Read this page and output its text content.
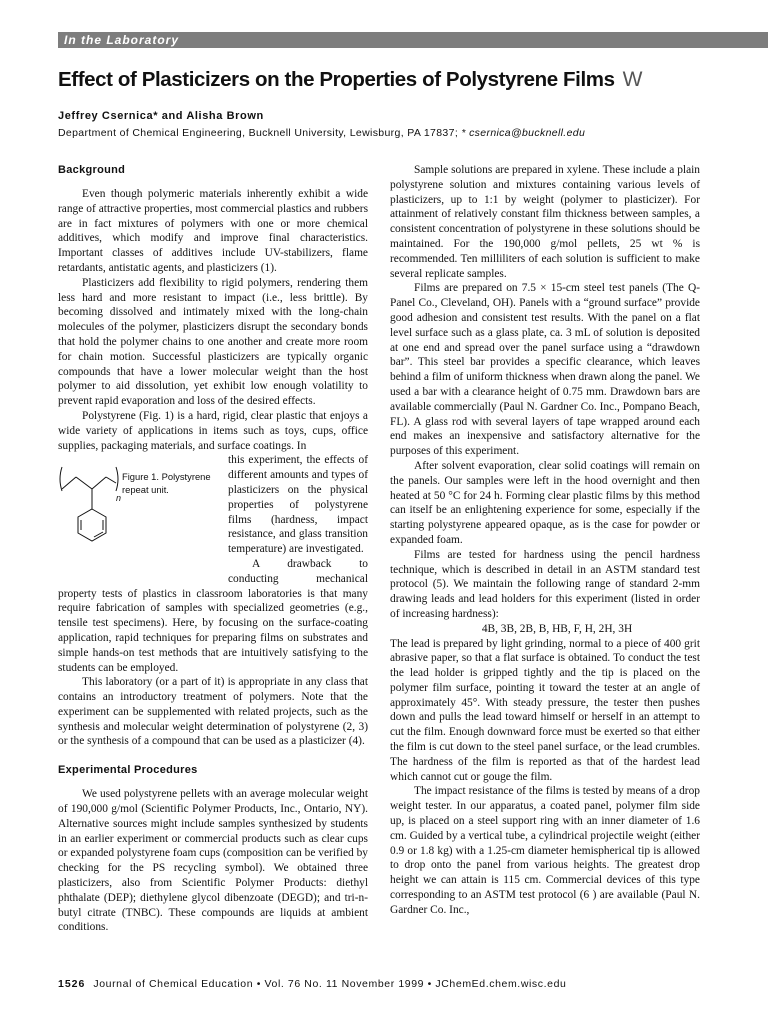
In the Laboratory
Effect of Plasticizers on the Properties of Polystyrene Films W
Jeffrey Csernica* and Alisha Brown
Department of Chemical Engineering, Bucknell University, Lewisburg, PA 17837; * csernica@bucknell.edu
Background

Even though polymeric materials inherently exhibit a wide range of attractive properties, most commercial plastics and rubbers are in fact mixtures of polymers with one or more chemical additives, which modify and improve final characteristics. Important classes of additives include UV-stabilizers, flame retardants, antistatic agents, and plasticizers (1).

Plasticizers add flexibility to rigid polymers, rendering them less hard and more resistant to impact (i.e., less brittle). By becoming dissolved and intimately mixed with the long-chain molecules of the polymer, plasticizers disrupt the secondary bonds that hold the polymer chains to one another and create more room for chain motion. Successful plasticizers are typically organic compounds that have a lower molecular weight than the host polymer to aid dissolution, yet exhibit low enough volatility to prevent rapid evaporation and loss of the desired effects.

Polystyrene (Fig. 1) is a hard, rigid, clear plastic that enjoys a wide variety of applications in items such as toys, cups, office supplies, packaging materials, and surface coatings. In

n
Figure 1. Polystyrene repeat unit.

this experiment, the effects of different amounts and types of plasticizers on the physical properties of polystyrene films (hardness, impact resistance, and glass transition temperature) are investigated.

A drawback to conducting mechanical property tests of plastics in classroom laboratories is that many require fabrication of samples with specialized geometries (e.g., tensile test specimens). Here, by focusing on the surface-coating application, rapid techniques for preparing films on substrates and simple hands-on test methods that are intuitively satisfying to the students can be employed.

This laboratory (or a part of it) is appropriate in any class that contains an introductory treatment of polymers. Note that the experiment can be supplemented with related projects, such as the synthesis and molecular weight determination of polystyrene (2, 3) or the synthesis of a compound that can be used as a plasticizer (4).

Experimental Procedures

We used polystyrene pellets with an average molecular weight of 190,000 g/mol (Scientific Polymer Products, Inc., Ontario, NY). Alternative sources might include samples synthesized by students in an earlier experiment or commercial products such as clear cups or expanded polystyrene foam cups (composition can be verified by checking for the PS recycling symbol). We obtained three plasticizers, also from Scientific Polymer Products: diethyl phthalate (DEP); diethylene glycol dibenzoate (DEGD); and tri-n-butyl citrate (TNBC). These compounds are liquids at ambient conditions.

Sample solutions are prepared in xylene. These include a plain polystyrene solution and mixtures containing various levels of plasticizers, up to 1:1 by weight (polymer to plasticizer). For attainment of relatively constant film thickness between samples, a consistent concentration of polystyrene in these solutions should be maintained. For the 190,000 g/mol pellets, 25 wt % is recommended. Ten milliliters of each solution is sufficient to make several replicate samples.

Films are prepared on 7.5 × 15-cm steel test panels (The Q-Panel Co., Cleveland, OH). Panels with a “ground surface” provide good adhesion and consistent test results. With the panel on a flat level surface such as a glass plate, ca. 3 mL of solution is deposited at one end and spread over the panel surface using a “drawdown bar”. This steel bar provides a specific clearance, which leaves behind a film of uniform thickness when drawn along the panel. We used a bar with a clearance height of 0.75 mm. Drawdown bars are available commercially (Paul N. Gardner Co. Inc., Pompano Beach, FL). A glass rod with several layers of tape wrapped around each end makes an inexpensive and satisfactory alternative for the purposes of this experiment.

After solvent evaporation, clear solid coatings will remain on the panels. Our samples were left in the hood overnight and then heated at 50 °C for 24 h. Forming clear plastic films by this method can itself be an enlightening experience for some, especially if the starting polystyrene appeared opaque, as is the case for powder or expanded foam.

Films are tested for hardness using the pencil hardness technique, which is described in detail in an ASTM standard test protocol (5). We maintain the following range of standard 2-mm drawing leads and lead holders for this experiment (listed in order of increasing hardness):

4B, 3B, 2B, B, HB, F, H, 2H, 3H

The lead is prepared by light grinding, normal to a piece of 400 grit abrasive paper, so that a flat surface is obtained. To conduct the test the lead holder is gripped tightly and the tip is placed on the polymer film surface, pointing it toward the tester at an angle of approximately 45°. With steady pressure, the tester then pushes down and pulls the lead toward himself or herself in an attempt to cut the film. Enough downward force must be exerted so that either the film is cut down to the steel panel surface, or the lead crumbles. The hardness of the film is reported as that of the hardest lead which cannot cut or gouge the film.

The impact resistance of the films is tested by means of a drop weight tester. In our apparatus, a coated panel, polymer film side up, is placed on a steel support ring with an inner diameter of 1.6 cm. Guided by a vertical tube, a cylindrical projectile weight (either 0.9 or 1.8 kg) with a 1.25-cm diameter hemispherical tip is allowed to drop onto the panel from various heights. The greatest drop height we can attain is 115 cm. Commercial devices of this type corresponding to an ASTM test protocol (6 ) are available (Paul N. Gardner Co. Inc.,

1526 Journal of Chemical Education • Vol. 76 No. 11 November 1999 • JChemEd.chem.wisc.edu
